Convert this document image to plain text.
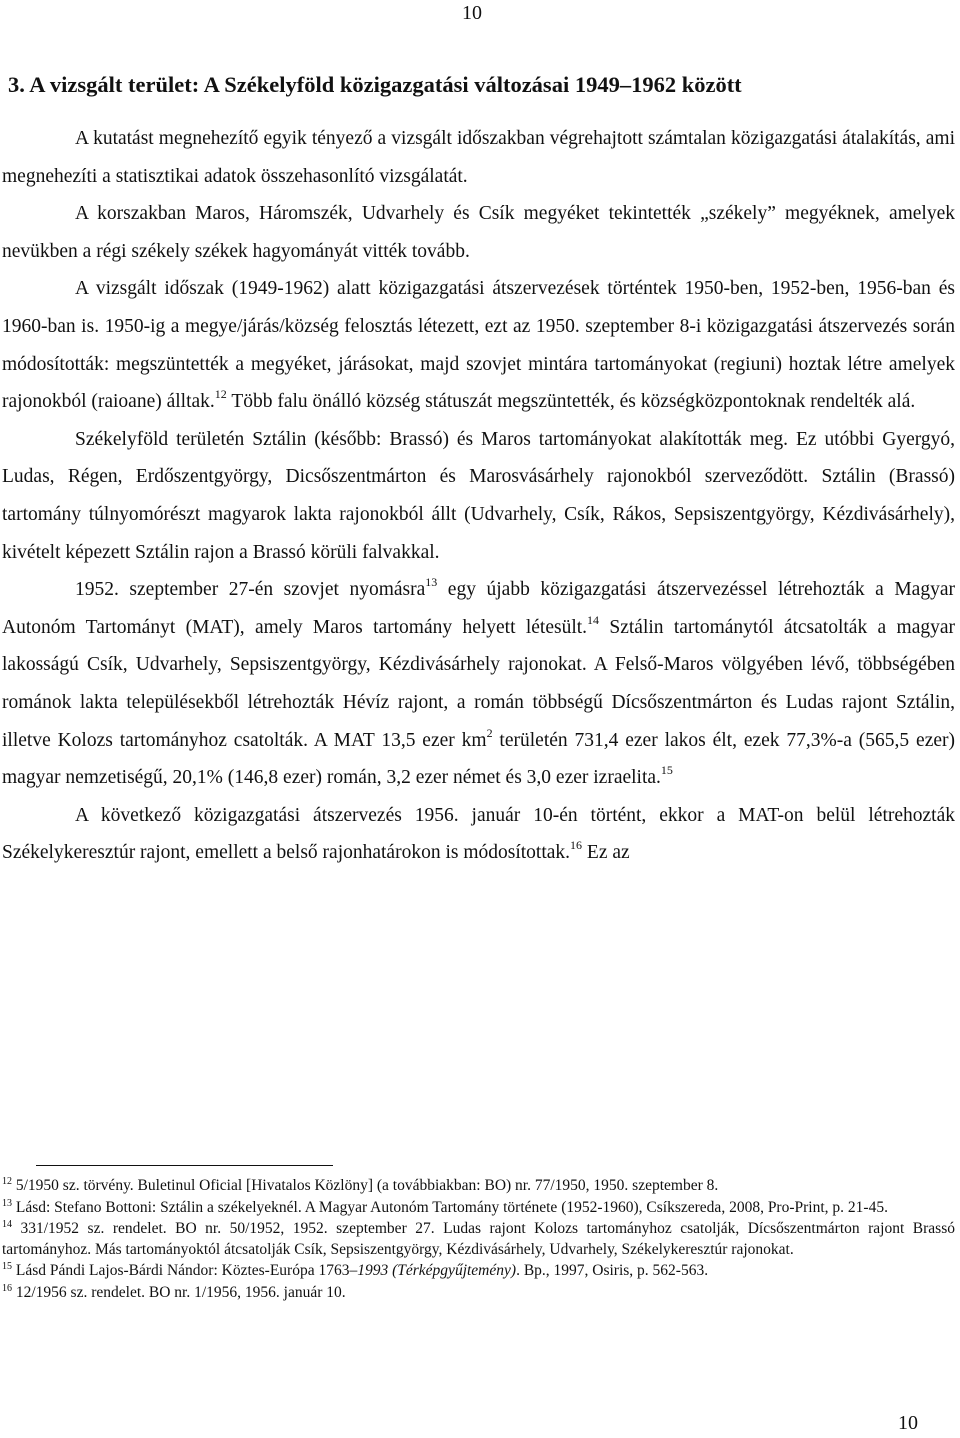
10
3. A vizsgált terület: A Székelyföld közigazgatási változásai 1949‒1962 között

A kutatást megnehezítő egyik tényező a vizsgált időszakban végrehajtott számtalan közigazgatási átalakítás, ami megnehezíti a statisztikai adatok összehasonlító vizsgálatát.

A korszakban Maros, Háromszék, Udvarhely és Csík megyéket tekintették „székely” megyéknek, amelyek nevükben a régi székely székek hagyományát vitték tovább.

A vizsgált időszak (1949-1962) alatt közigazgatási átszervezések történtek 1950-ben, 1952-ben, 1956-ban és 1960-ban is. 1950-ig a megye/járás/község felosztás létezett, ezt az 1950. szeptember 8-i közigazgatási átszervezés során módosították: megszüntették a megyéket, járásokat, majd szovjet mintára tartományokat (regiuni) hoztak létre amelyek rajonokból (raioane) álltak.$^{12}$ Több falu önálló község státuszát megszüntették, és községközpontoknak rendelték alá.

Székelyföld területén Sztálin (később: Brassó) és Maros tartományokat alakították meg. Ez utóbbi Gyergyó, Ludas, Régen, Erdőszentgyörgy, Dicsőszentmárton és Marosvásárhely rajonokból szerveződött. Sztálin (Brassó) tartomány túlnyomórészt magyarok lakta rajonokból állt (Udvarhely, Csík, Rákos, Sepsiszentgyörgy, Kézdivásárhely), kivételt képezett Sztálin rajon a Brassó körüli falvakkal.

1952. szeptember 27-én szovjet nyomásra$^{13}$ egy újabb közigazgatási átszervezéssel létrehozták a Magyar Autonóm Tartományt (MAT), amely Maros tartomány helyett létesült.$^{14}$ Sztálin tartománytól átcsatolták a magyar lakosságú Csík, Udvarhely, Sepsiszentgyörgy, Kézdivásárhely rajonokat. A Felső-Maros völgyében lévő, többségében románok lakta településekből létrehozták Hévíz rajont, a román többségű Dícsőszentmárton és Ludas rajont Sztálin, illetve Kolozs tartományhoz csatolták. A MAT 13,5 ezer $km^2$ területén 731,4 ezer lakos élt, ezek 77,3%-a (565,5 ezer) magyar nemzetiségű, 20,1% (146,8 ezer) román, 3,2 ezer német és 3,0 ezer izraelita.$^{15}$

A következő közigazgatási átszervezés 1956. január 10-én történt, ekkor a MAT-on belül létrehozták Székelykeresztúr rajont, emellett a belső rajonhatárokon is módosítottak.$^{16}$ Ez az

$^{12}$ 5/1950 sz. törvény. Buletinul Oficial [Hivatalos Közlöny] (a továbbiakban: BO) nr. 77/1950, 1950. szeptember 8.

$^{13}$ Lásd: Stefano Bottoni: Sztálin a székelyeknél. A Magyar Autonóm Tartomány története (1952-1960), Csíkszereda, 2008, Pro-Print, p. 21-45.

$^{14}$ 331/1952 sz. rendelet. BO nr. 50/1952, 1952. szeptember 27. Ludas rajont Kolozs tartományhoz csatolják, Dícsőszentmárton rajont Brassó tartományhoz. Más tartományoktól átcsatolják Csík, Sepsiszentgyörgy, Kézdivásárhely, Udvarhely, Székelykeresztúr rajonokat.

$^{15}$ Lásd Pándi Lajos-Bárdi Nándor: Köztes-Európa 1763‒1993 (Térképgyűjtemény). Bp., 1997, Osiris, p. 562-563.

$^{16}$ 12/1956 sz. rendelet. BO nr. 1/1956, 1956. január 10.

10
